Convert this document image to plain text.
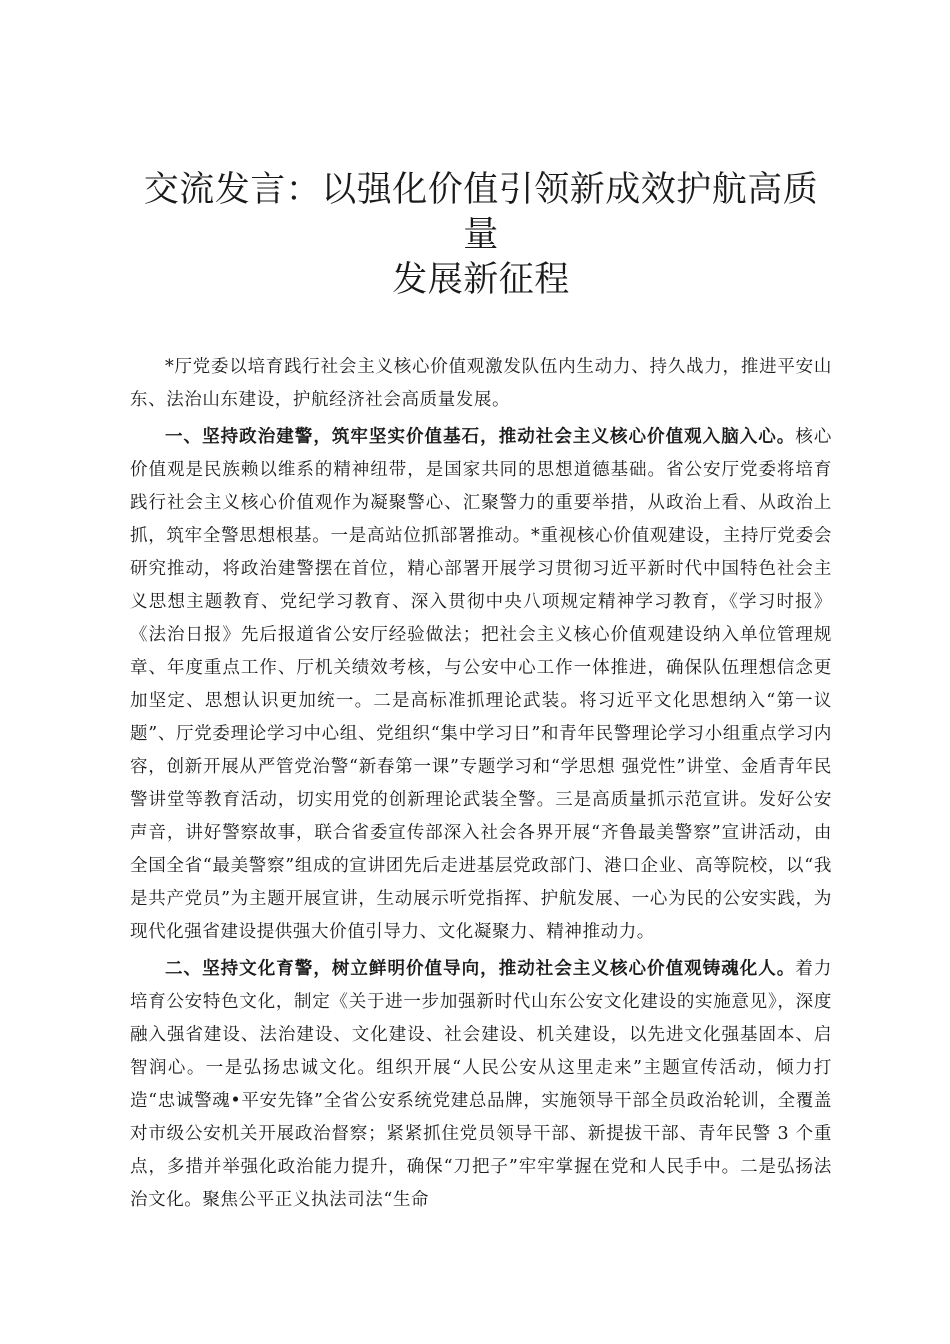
交流发言：以强化价值引领新成效护航高质量
发展新征程

*厅党委以培育践行社会主义核心价值观激发队伍内生动力、持久战力，推进平安山东、法治山东建设，护航经济社会高质量发展。

一、坚持政治建警，筑牢坚实价值基石，推动社会主义核心价值观入脑入心。核心价值观是民族赖以维系的精神纽带，是国家共同的思想道德基础。省公安厅党委将培育践行社会主义核心价值观作为凝聚警心、汇聚警力的重要举措，从政治上看、从政治上抓，筑牢全警思想根基。一是高站位抓部署推动。*重视核心价值观建设，主持厅党委会研究推动，将政治建警摆在首位，精心部署开展学习贯彻习近平新时代中国特色社会主义思想主题教育、党纪学习教育、深入贯彻中央八项规定精神学习教育，《学习时报》《法治日报》先后报道省公安厅经验做法；把社会主义核心价值观建设纳入单位管理规章、年度重点工作、厅机关绩效考核，与公安中心工作一体推进，确保队伍理想信念更加坚定、思想认识更加统一。二是高标准抓理论武装。将习近平文化思想纳入“第一议题”、厅党委理论学习中心组、党组织“集中学习日”和青年民警理论学习小组重点学习内容，创新开展从严管党治警“新春第一课”专题学习和“学思想 强党性”讲堂、金盾青年民警讲堂等教育活动，切实用党的创新理论武装全警。三是高质量抓示范宣讲。发好公安声音，讲好警察故事，联合省委宣传部深入社会各界开展“齐鲁最美警察”宣讲活动，由全国全省“最美警察”组成的宣讲团先后走进基层党政部门、港口企业、高等院校，以“我是共产党员”为主题开展宣讲，生动展示听党指挥、护航发展、一心为民的公安实践，为现代化强省建设提供强大价值引导力、文化凝聚力、精神推动力。

二、坚持文化育警，树立鲜明价值导向，推动社会主义核心价值观铸魂化人。着力培育公安特色文化，制定《关于进一步加强新时代山东公安文化建设的实施意见》，深度融入强省建设、法治建设、文化建设、社会建设、机关建设，以先进文化强基固本、启智润心。一是弘扬忠诚文化。组织开展“人民公安从这里走来”主题宣传活动，倾力打造“忠诚警魂•平安先锋”全省公安系统党建总品牌，实施领导干部全员政治轮训，全覆盖对市级公安机关开展政治督察；紧紧抓住党员领导干部、新提拔干部、青年民警 3 个重点，多措并举强化政治能力提升，确保“刀把子”牢牢掌握在党和人民手中。二是弘扬法治文化。聚焦公平正义执法司法“生命
